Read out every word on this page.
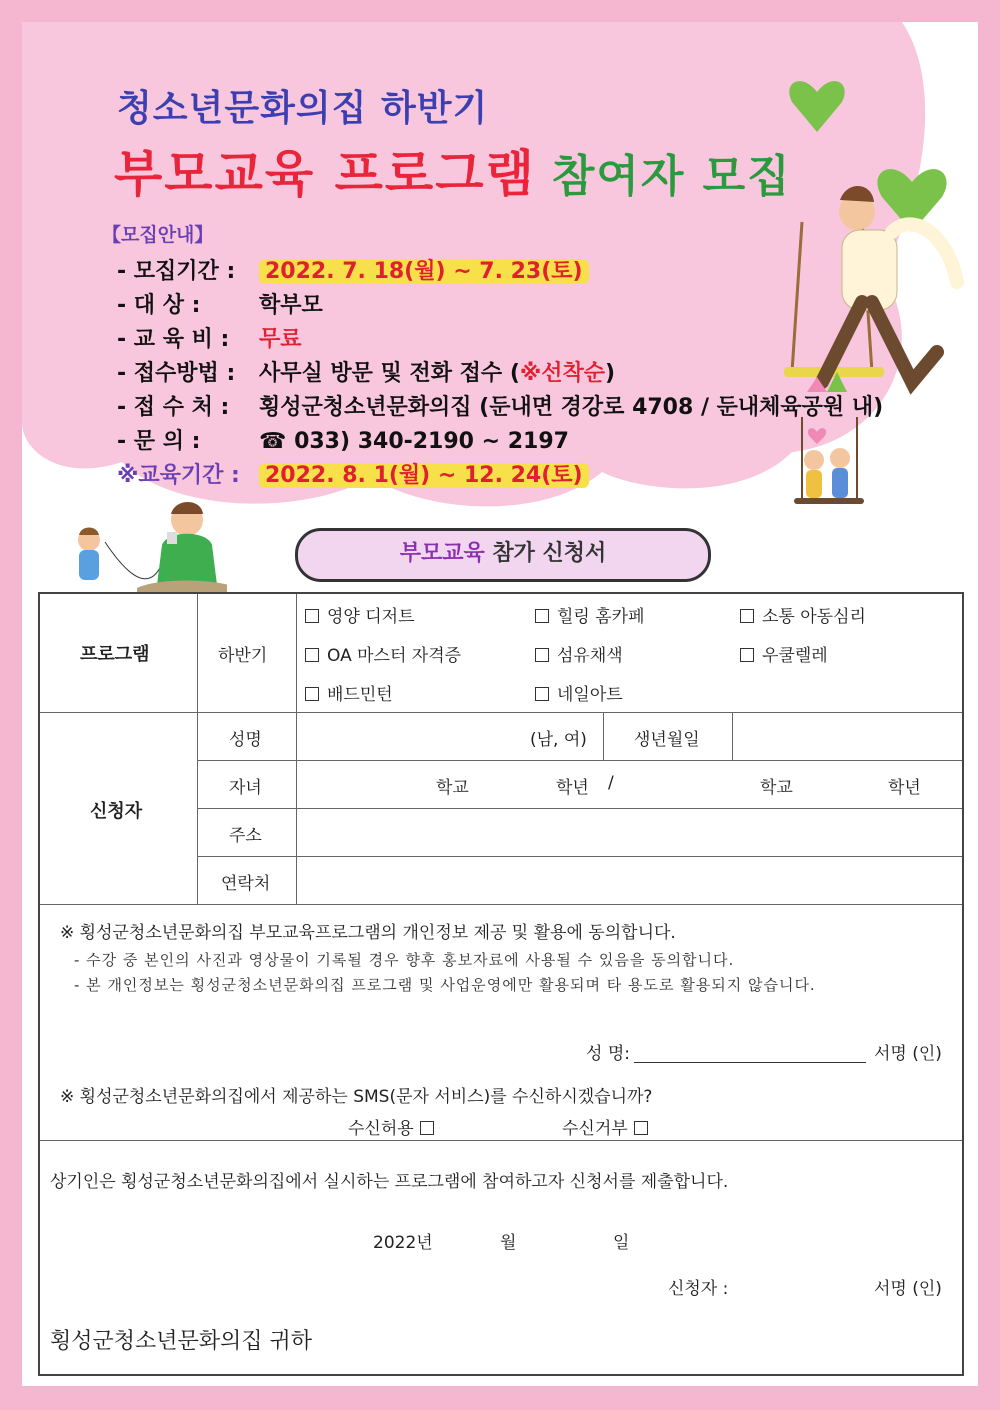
청소년문화의집 하반기
부모교육 프로그램 참여자 모집
【모집안내】
- 모집기간 : 2022. 7. 18(월) ~ 7. 23(토)
- 대 상 :	학부모
- 교 육 비 : 무료
- 접수방법 : 사무실 방문 및 전화 접수 (※선착순)
- 접 수 처 : 횡성군청소년문화의집 (둔내면 경강로 4708 / 둔내체육공원 내)
- 문 의 :	☎ 033) 340-2190 ~ 2197
※교육기간 : 2022. 8. 1(월) ~ 12. 24(토)
부모교육 참가 신청서
프로그램	하반기
영양 디저트	힐링 홈카페	소통 아동심리
OA 마스터 자격증	섬유채색	우쿨렐레
배드민턴	네일아트
신청자
성명	(남, 여)	생년월일
자녀	학교	학년 /	학교	학년
주소
연락처
※ 횡성군청소년문화의집 부모교육프로그램의 개인정보 제공 및 활용에 동의합니다.
- 수강 중 본인의 사진과 영상물이 기록될 경우 향후 홍보자료에 사용될 수 있음을 동의합니다.
- 본 개인정보는 횡성군청소년문화의집 프로그램 및 사업운영에만 활용되며 타 용도로 활용되지 않습니다.
성 명:	서명 (인)
※ 횡성군청소년문화의집에서 제공하는 SMS(문자 서비스)를 수신하시겠습니까?
수신허용	수신거부
상기인은 횡성군청소년문화의집에서 실시하는 프로그램에 참여하고자 신청서를 제출합니다.
2022년	월	일
신청자 :	서명 (인)
횡성군청소년문화의집 귀하
